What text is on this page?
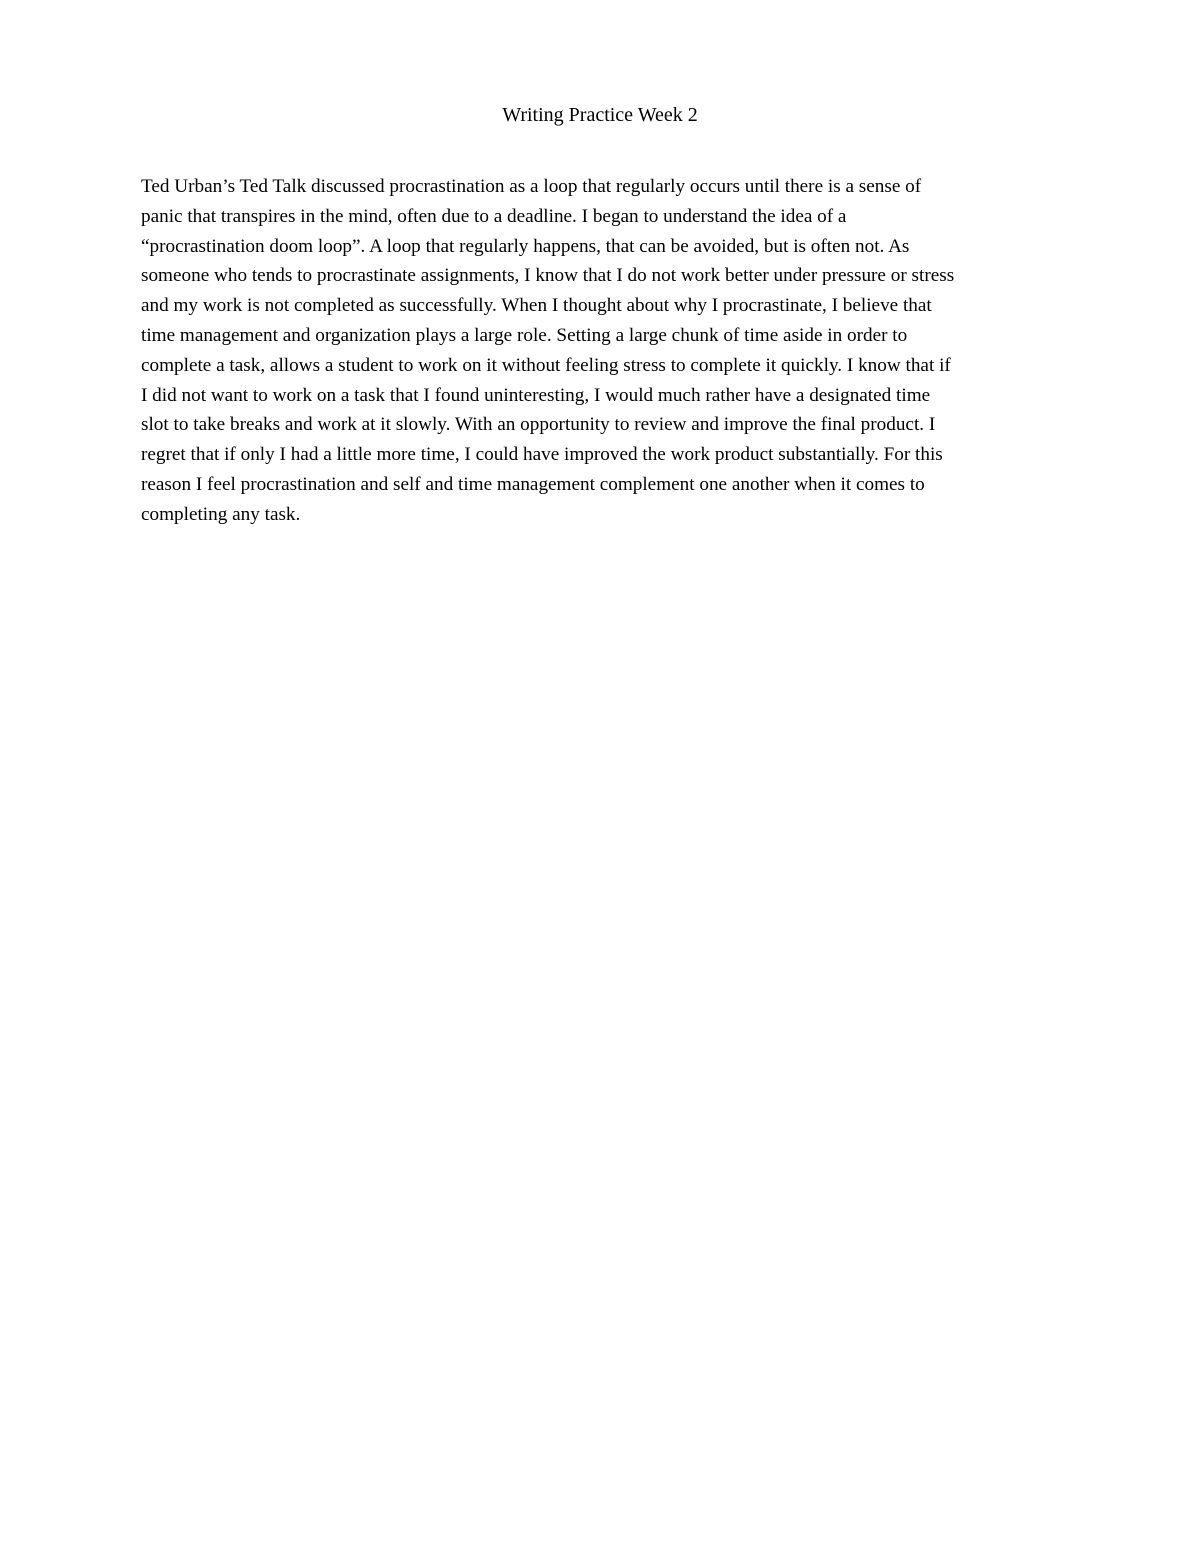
Writing Practice Week 2
Ted Urban’s Ted Talk discussed procrastination as a loop that regularly occurs until there is a sense of
panic that transpires in the mind, often due to a deadline. I began to understand the idea of a
“procrastination doom loop”. A loop that regularly happens, that can be avoided, but is often not. As
someone who tends to procrastinate assignments, I know that I do not work better under pressure or stress
and my work is not completed as successfully. When I thought about why I procrastinate, I believe that
time management and organization plays a large role. Setting a large chunk of time aside in order to
complete a task, allows a student to work on it without feeling stress to complete it quickly. I know that if
I did not want to work on a task that I found uninteresting, I would much rather have a designated time
slot to take breaks and work at it slowly. With an opportunity to review and improve the final product. I
regret that if only I had a little more time, I could have improved the work product substantially. For this
reason I feel procrastination and self and time management complement one another when it comes to
completing any task.
